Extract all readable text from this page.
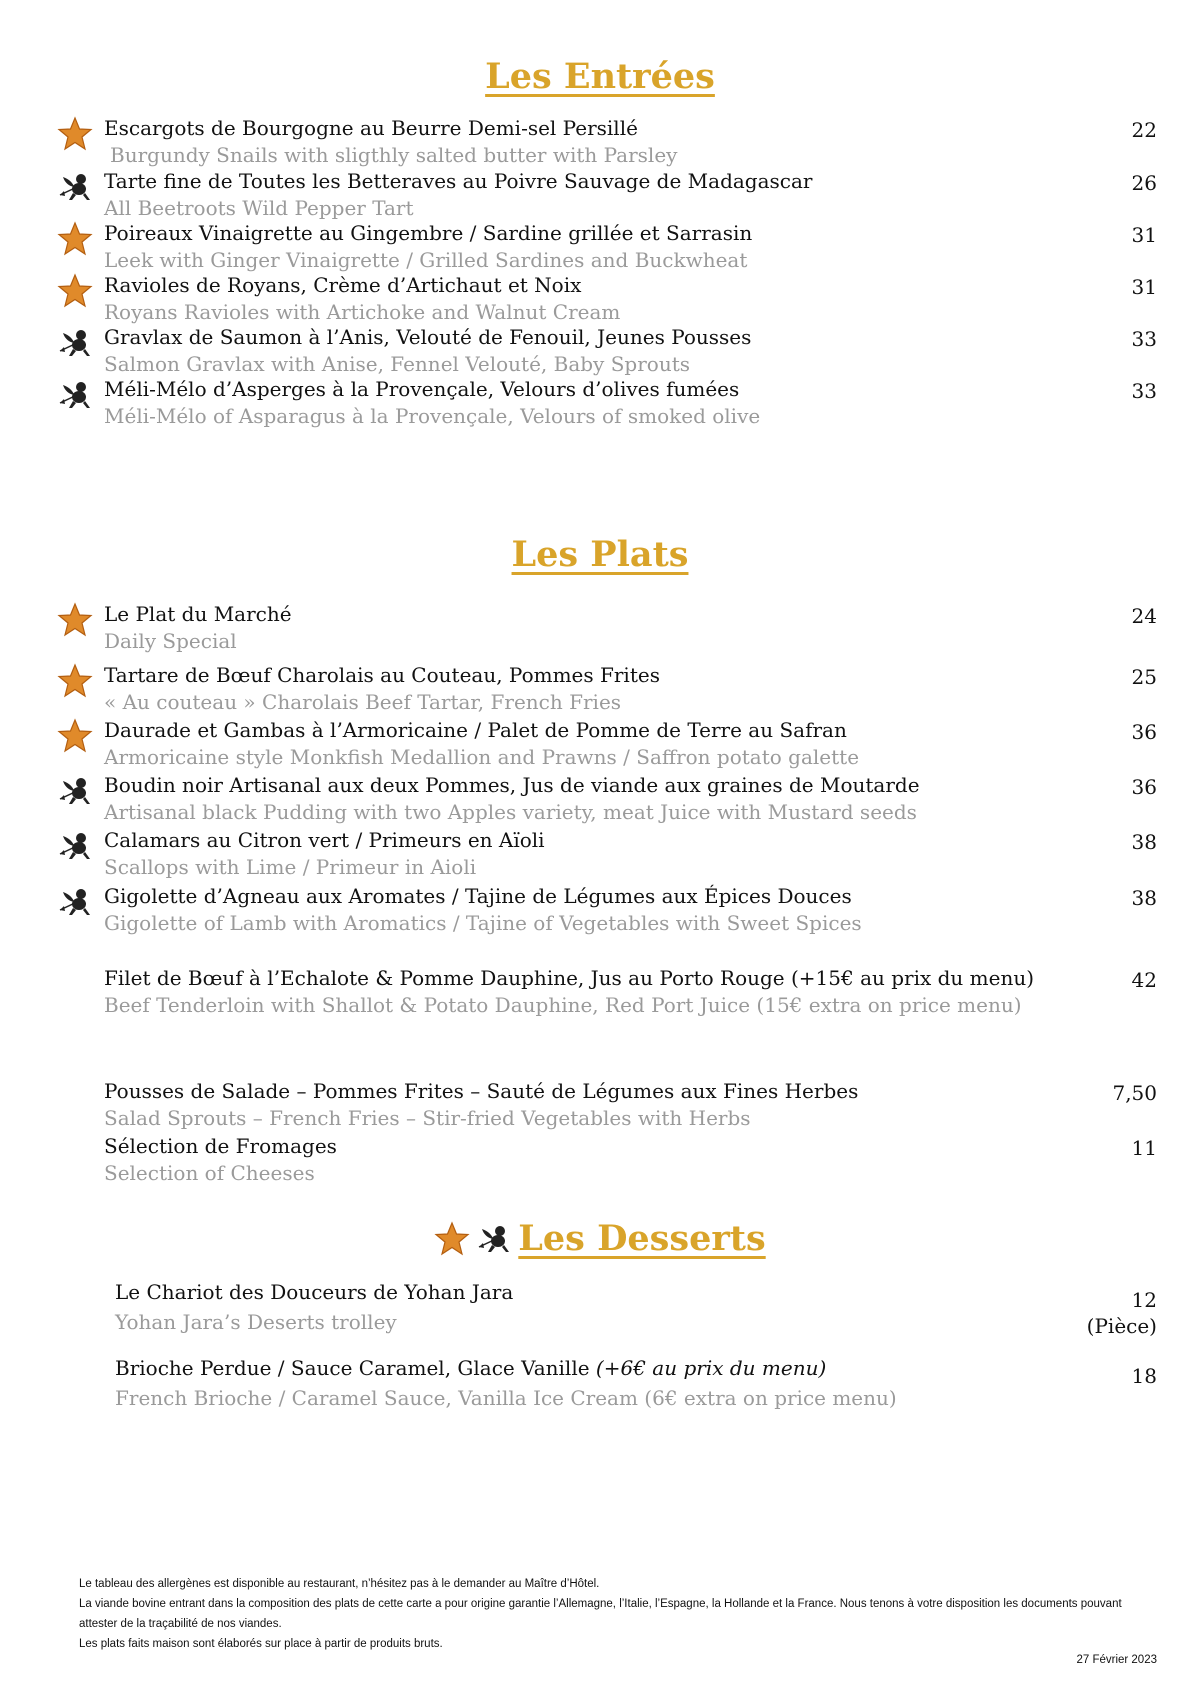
Les Entrées
Escargots de Bourgogne au Beurre Demi-sel Persillé
Burgundy Snails with sligthly salted butter with Parsley
22
Tarte fine de Toutes les Betteraves au Poivre Sauvage de Madagascar
All Beetroots Wild Pepper Tart
26
Poireaux Vinaigrette au Gingembre / Sardine grillée et Sarrasin
Leek with Ginger Vinaigrette / Grilled Sardines and Buckwheat
31
Ravioles de Royans, Crème d’Artichaut et Noix
Royans Ravioles with Artichoke and Walnut Cream
31
Gravlax de Saumon à l’Anis, Velouté de Fenouil, Jeunes Pousses
Salmon Gravlax with Anise, Fennel Velouté, Baby Sprouts
33
Méli-Mélo d’Asperges à la Provençale, Velours d’olives fumées
Méli-Mélo of Asparagus à la Provençale, Velours of smoked olive
33
Les Plats
Le Plat du Marché
Daily Special
24
Tartare de Bœuf Charolais au Couteau, Pommes Frites
« Au couteau » Charolais Beef Tartar, French Fries
25
Daurade et Gambas à l’Armoricaine / Palet de Pomme de Terre au Safran
Armoricaine style Monkfish Medallion and Prawns / Saffron potato galette
36
Boudin noir Artisanal aux deux Pommes, Jus de viande aux graines de Moutarde
Artisanal black Pudding with two Apples variety, meat Juice with Mustard seeds
36
Calamars au Citron vert / Primeurs en Aïoli
Scallops with Lime / Primeur in Aioli
38
Gigolette d’Agneau aux Aromates / Tajine de Légumes aux Épices Douces
Gigolette of Lamb with Aromatics / Tajine of Vegetables with Sweet Spices
38
Filet de Bœuf à l’Echalote & Pomme Dauphine, Jus au Porto Rouge (+15€ au prix du menu)
Beef Tenderloin with Shallot & Potato Dauphine, Red Port Juice (15€ extra on price menu)
42
Pousses de Salade – Pommes Frites – Sauté de Légumes aux Fines Herbes
Salad Sprouts – French Fries – Stir-fried Vegetables with Herbs
7,50
Sélection de Fromages
Selection of Cheeses
11
Les Desserts
Le Chariot des Douceurs de Yohan Jara
Yohan Jara’s Deserts trolley
12
(Pièce)
Brioche Perdue / Sauce Caramel, Glace Vanille (+6€ au prix du menu)
French Brioche / Caramel Sauce, Vanilla Ice Cream (6€ extra on price menu)
18
Le tableau des allergènes est disponible au restaurant, n’hésitez pas à le demander au Maître d’Hôtel.
La viande bovine entrant dans la composition des plats de cette carte a pour origine garantie l’Allemagne, l’Italie, l’Espagne, la Hollande et la France. Nous tenons à votre disposition les documents pouvant attester de la traçabilité de nos viandes.
Les plats faits maison sont élaborés sur place à partir de produits bruts.
27 Février 2023
